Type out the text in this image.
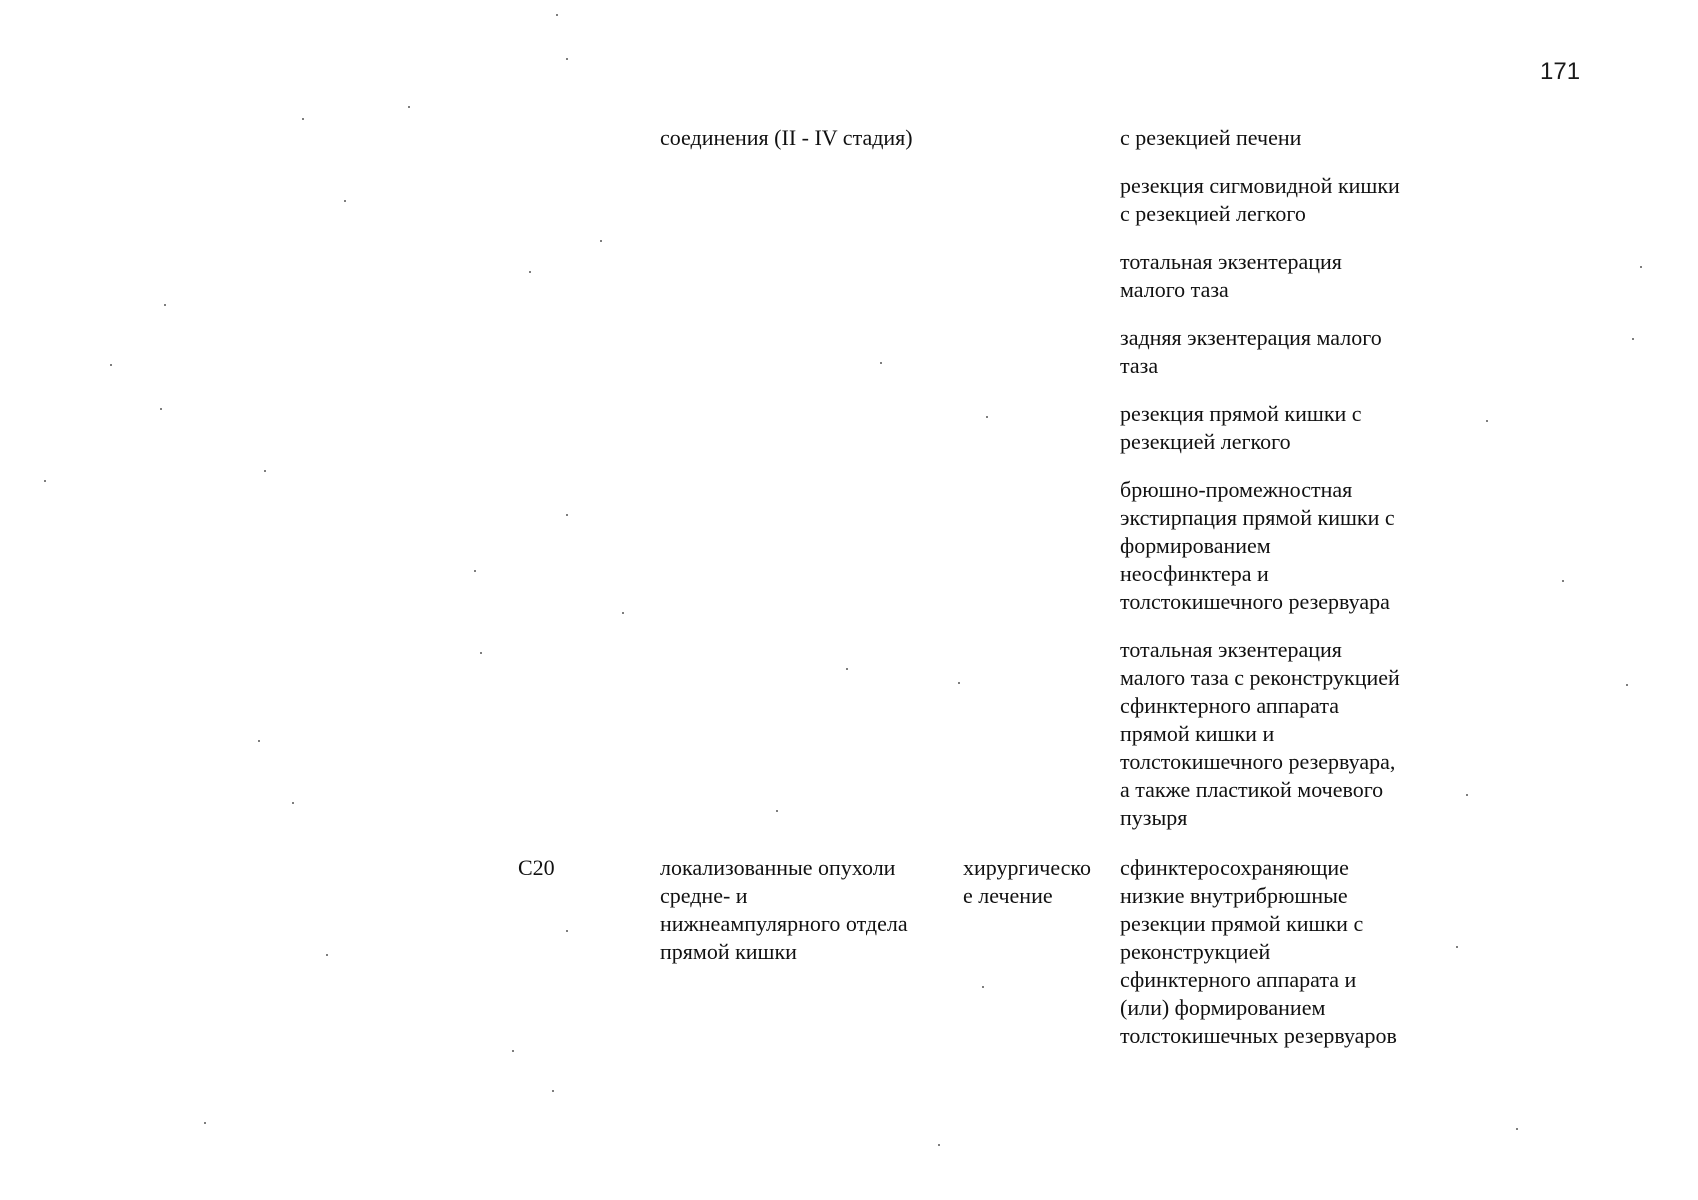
171
соединения (II - IV стадия)	с резекцией печени
резекция сигмовидной кишки
с резекцией легкого
тотальная экзентерация
малого таза
задняя экзентерация малого
таза
резекция прямой кишки с
резекцией легкого
брюшно-промежностная
экстирпация прямой кишки с
формированием
неосфинктера и
толстокишечного резервуара
тотальная экзентерация
малого таза с реконструкцией
сфинктерного аппарата
прямой кишки и
толстокишечного резервуара,
а также пластикой мочевого
пузыря
C20	локализованные опухоли
средне- и
нижнеампулярного отдела
прямой кишки
хирургическо
е лечение
сфинктеросохраняющие
низкие внутрибрюшные
резекции прямой кишки с
реконструкцией
сфинктерного аппарата и
(или) формированием
толстокишечных резервуаров
